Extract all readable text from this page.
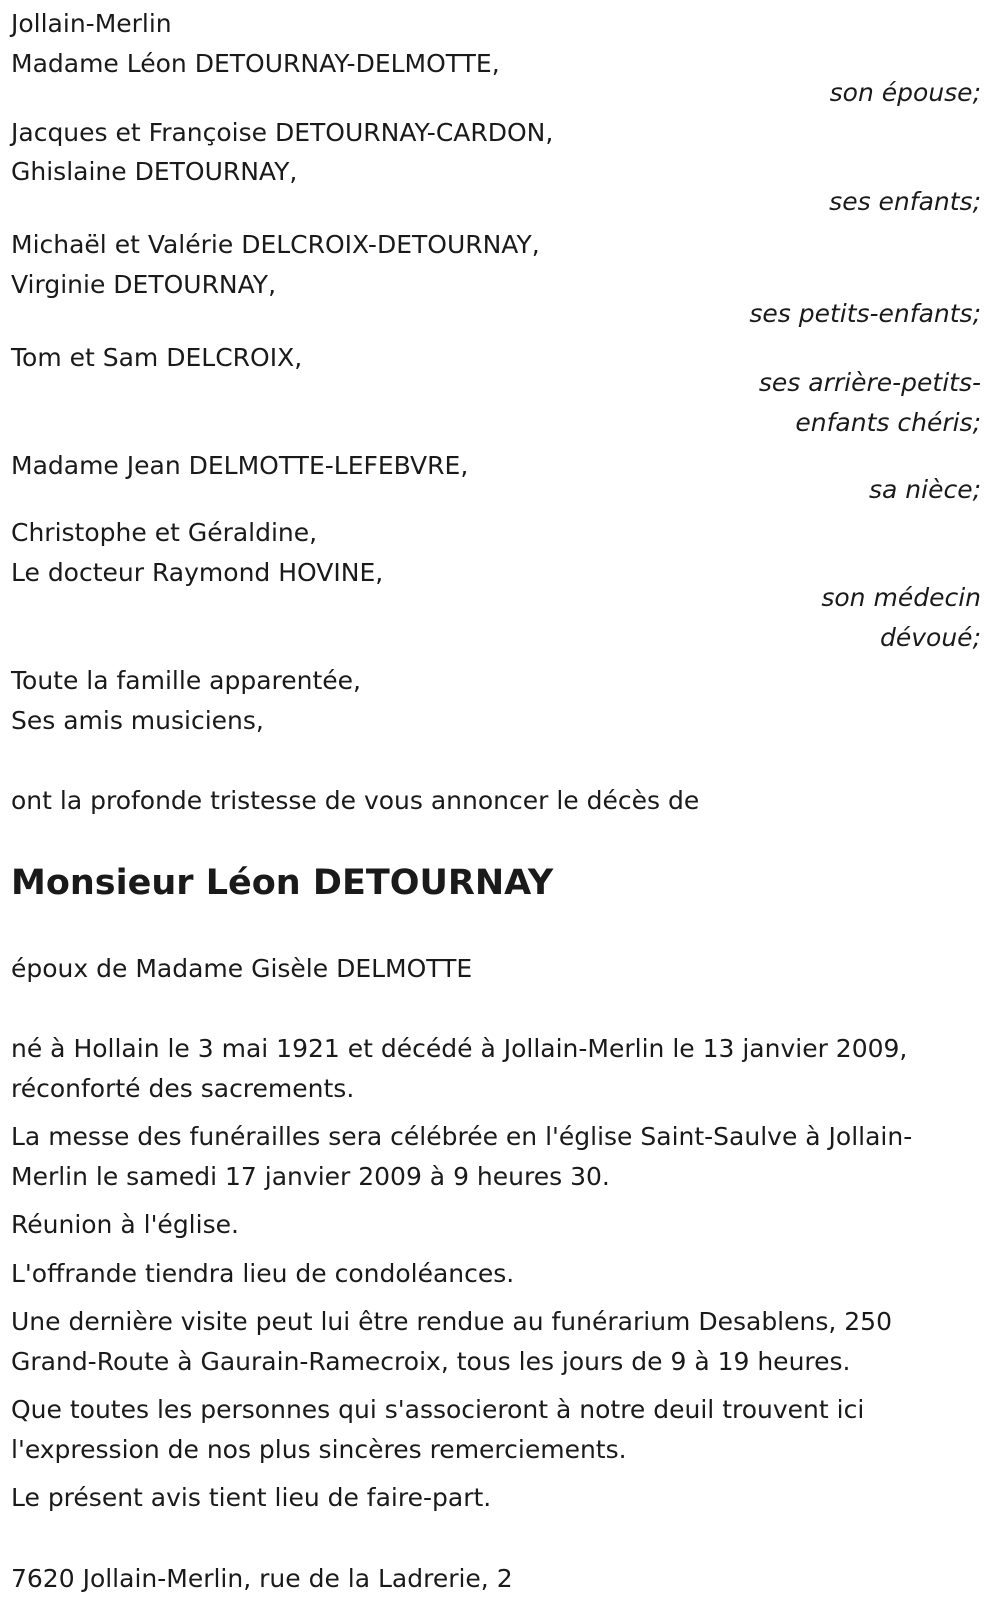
Jollain-Merlin
Madame Léon DETOURNAY-DELMOTTE,
son épouse;
Jacques et Françoise DETOURNAY-CARDON,
Ghislaine DETOURNAY,
ses enfants;
Michaël et Valérie DELCROIX-DETOURNAY,
Virginie DETOURNAY,
ses petits-enfants;
Tom et Sam DELCROIX,
ses arrière-petits-
enfants chéris;
Madame Jean DELMOTTE-LEFEBVRE,
sa nièce;
Christophe et Géraldine,
Le docteur Raymond HOVINE,
son médecin
dévoué;
Toute la famille apparentée,
Ses amis musiciens,
ont la profonde tristesse de vous annoncer le décès de
Monsieur Léon DETOURNAY
époux de Madame Gisèle DELMOTTE

né à Hollain le 3 mai 1921 et décédé à Jollain-Merlin le 13 janvier 2009, réconforté des sacrements.

La messe des funérailles sera célébrée en l'église Saint-Saulve à Jollain-Merlin le samedi 17 janvier 2009 à 9 heures 30.

Réunion à l'église.

L'offrande tiendra lieu de condoléances.

Une dernière visite peut lui être rendue au funérarium Desablens, 250 Grand-Route à Gaurain-Ramecroix, tous les jours de 9 à 19 heures.

Que toutes les personnes qui s'associeront à notre deuil trouvent ici l'expression de nos plus sincères remerciements.

Le présent avis tient lieu de faire-part.

7620 Jollain-Merlin, rue de la Ladrerie, 2
